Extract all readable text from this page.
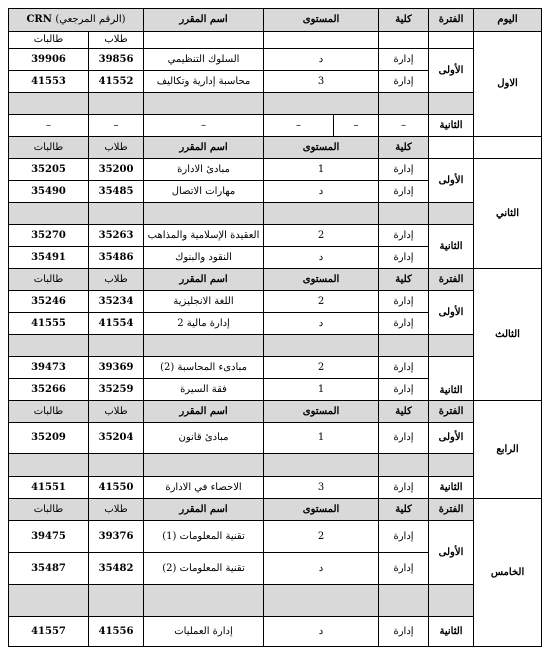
CRN (الرقم المرجعي)		اسم المقرر	المستوى		كلية	الفترة	اليوم
طالبات	طلاب						الاول
39906	39856	السلوك التنظيمي	د		إدارة	الأولى	
41553	41552	محاسبة إدارية وتكاليف	3		إدارة		

–	–	–	–	–	–	الثانية	
طالبات	طلاب	اسم المقرر	المستوى		كلية		
35205	35200	مبادئ الادارة	1		إدارة	الأولى	الثاني
35490	35485	مهارات الاتصال	د		إدارة		

35270	35263	العقيدة الإسلامية والمذاهب	2		إدارة	الثانية	
35491	35486	النقود والبنوك	د		إدارة		
طالبات	طلاب	اسم المقرر	المستوى		كلية	الفترة	الثالث
35246	35234	اللغة الانجليزية	2		إدارة	الأولى	
41555	41554	إدارة مالية 2	د		إدارة		

39473	39369	مبادىء المحاسبة (2)	2		إدارة	الثانية	
35266	35259	فقة السيرة	1		إدارة		
طالبات	طلاب	اسم المقرر	المستوى		كلية	الفترة	الرابع
35209	35204	مبادئ قانون	1		إدارة	الأولى	

41551	41550	الاحصاء في الادارة	3		إدارة	الثانية	
طالبات	طلاب	اسم المقرر	المستوى		كلية	الفترة	الخامس
39475	39376	تقنية المعلومات (1)	2		إدارة	الأولى	
35487	35482	تقنية المعلومات (2)	د		إدارة		

41557	41556	إدارة العمليات	د		إدارة	الثانية	
